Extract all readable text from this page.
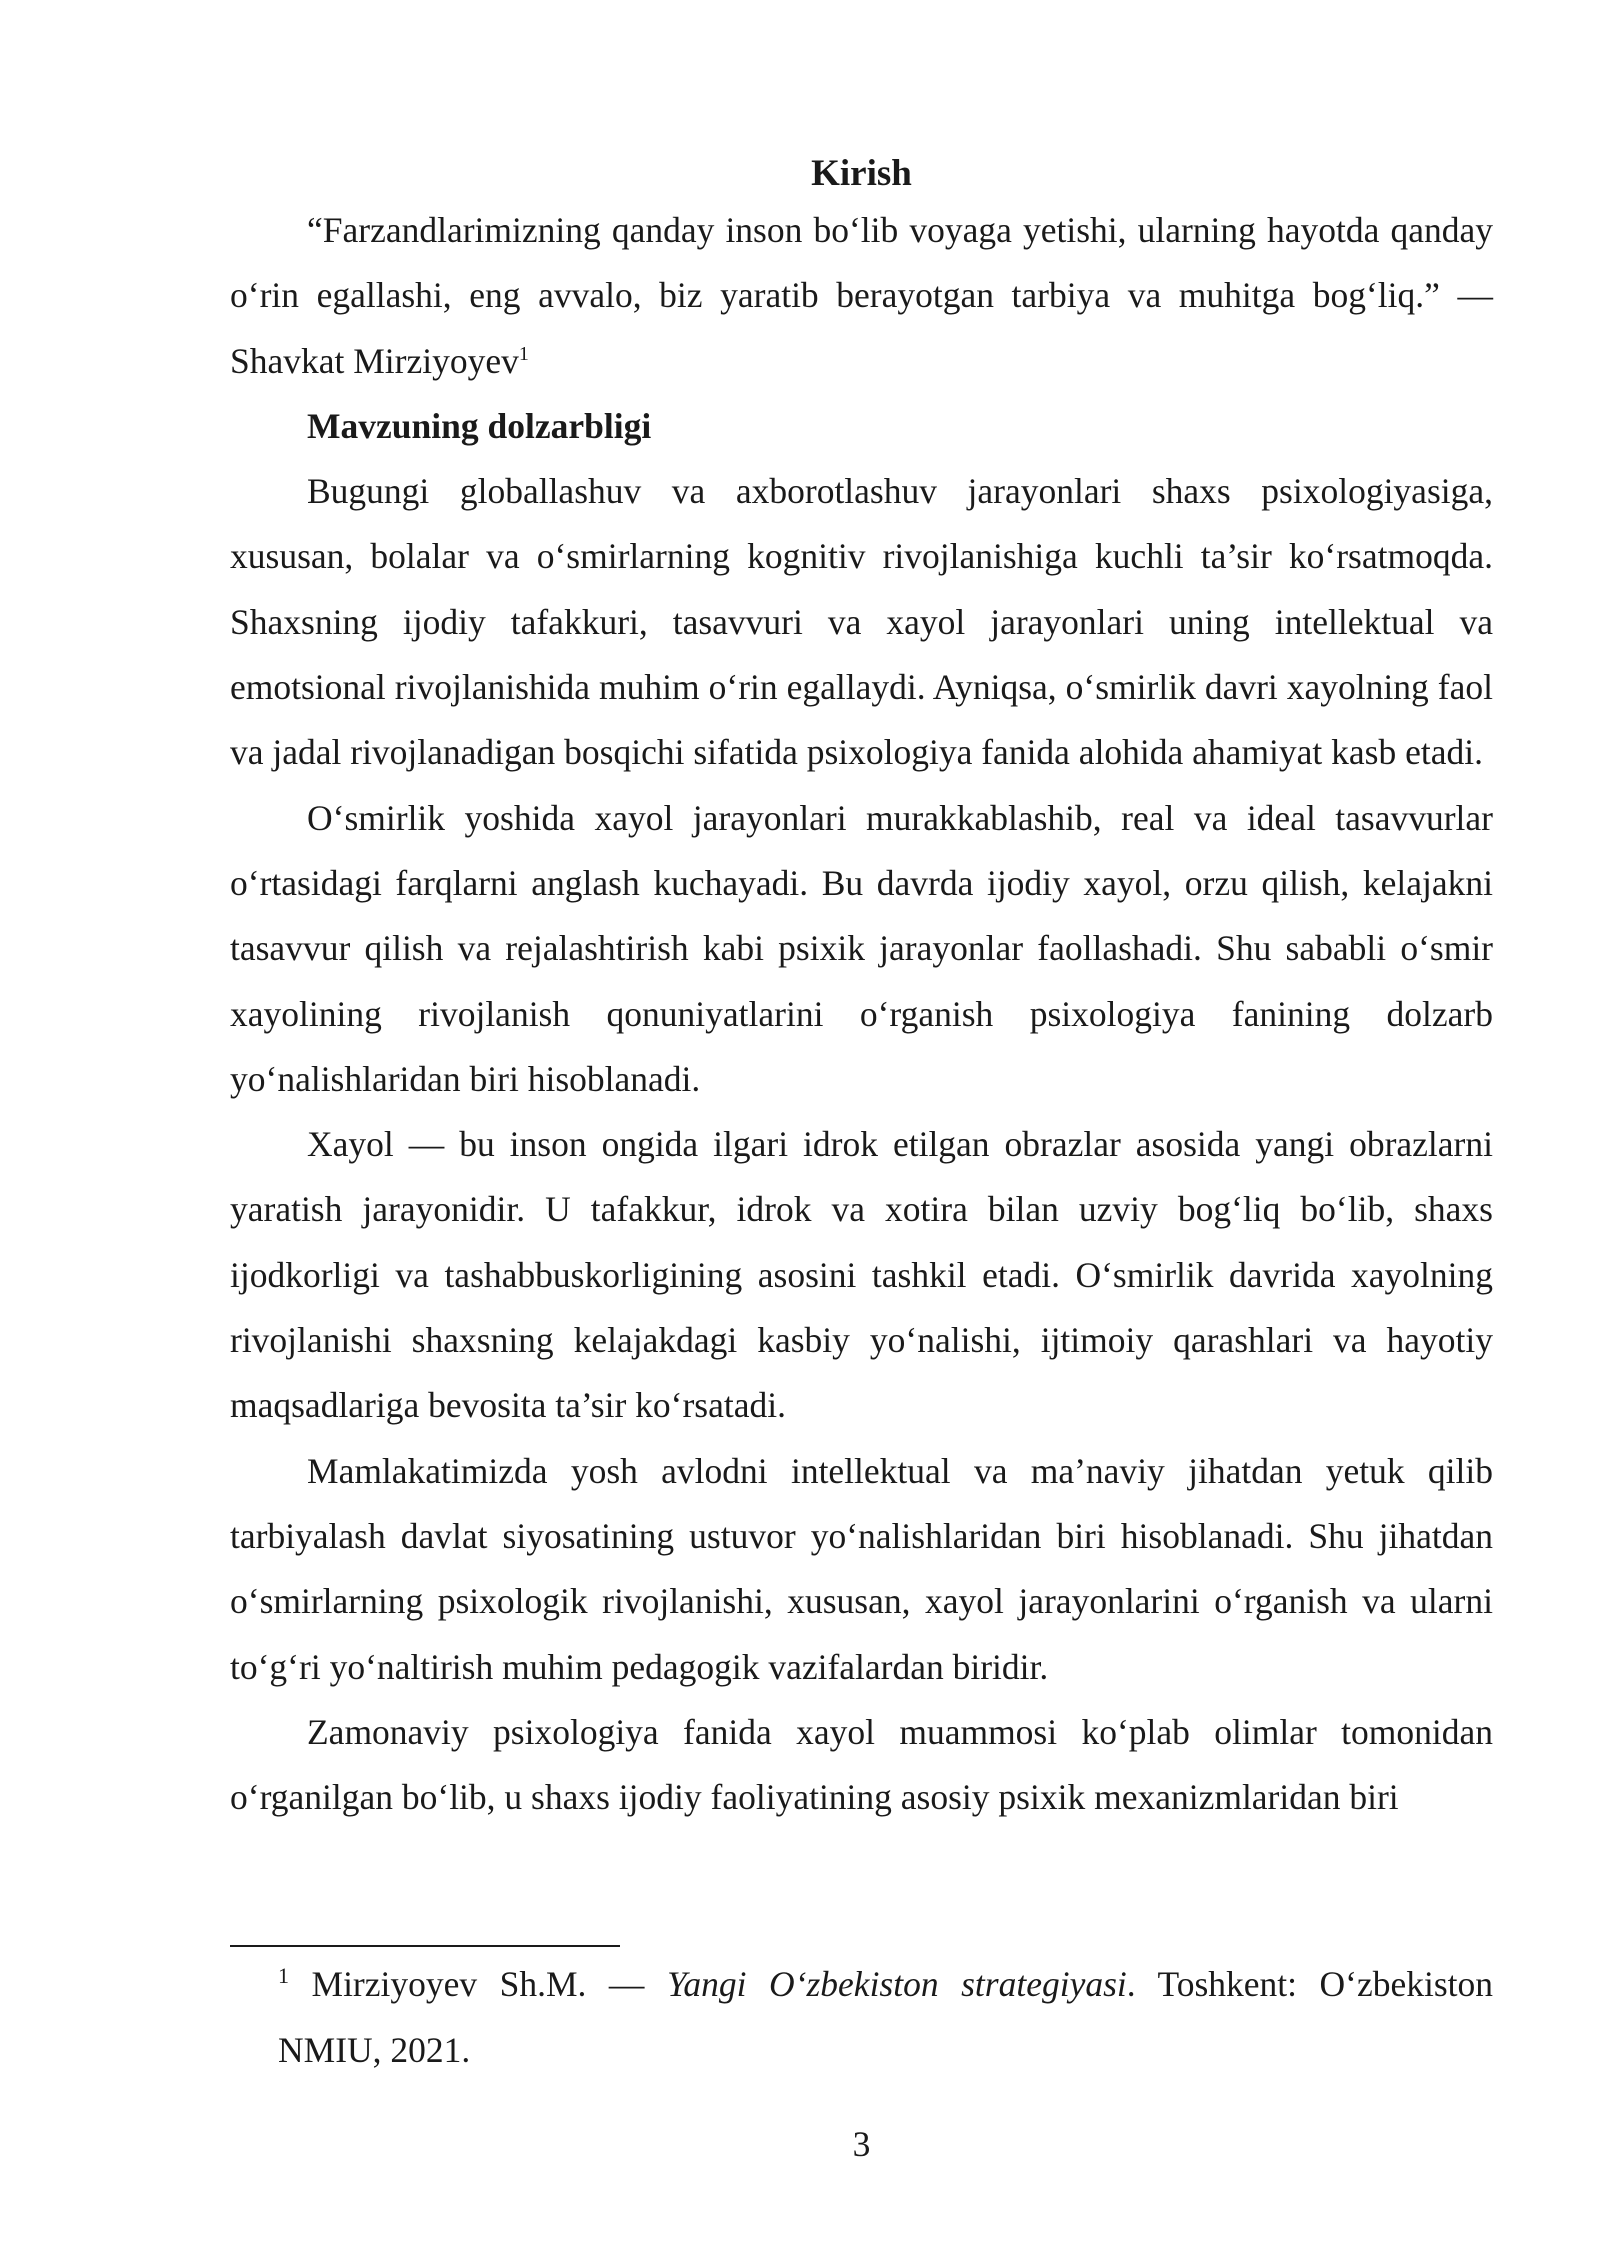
Kirish

“Farzandlarimizning qanday inson bo‘lib voyaga yetishi, ularning hayotda qanday o‘rin egallashi, eng avvalo, biz yaratib berayotgan tarbiya va muhitga bog‘liq.” — Shavkat Mirziyoyev$^1$

Mavzuning dolzarbligi

Bugungi globallashuv va axborotlashuv jarayonlari shaxs psixologiyasiga, xususan, bolalar va o‘smirlarning kognitiv rivojlanishiga kuchli ta’sir ko‘rsatmoqda. Shaxsning ijodiy tafakkuri, tasavvuri va xayol jarayonlari uning intellektual va emotsional rivojlanishida muhim o‘rin egallaydi. Ayniqsa, o‘smirlik davri xayolning faol va jadal rivojlanadigan bosqichi sifatida psixologiya fanida alohida ahamiyat kasb etadi.

O‘smirlik yoshida xayol jarayonlari murakkablashib, real va ideal tasavvurlar o‘rtasidagi farqlarni anglash kuchayadi. Bu davrda ijodiy xayol, orzu qilish, kelajakni tasavvur qilish va rejalashtirish kabi psixik jarayonlar faollashadi. Shu sababli o‘smir xayolining rivojlanish qonuniyatlarini o‘rganish psixologiya fanining dolzarb yo‘nalishlaridan biri hisoblanadi.

Xayol — bu inson ongida ilgari idrok etilgan obrazlar asosida yangi obrazlarni yaratish jarayonidir. U tafakkur, idrok va xotira bilan uzviy bog‘liq bo‘lib, shaxs ijodkorligi va tashabbuskorligining asosini tashkil etadi. O‘smirlik davrida xayolning rivojlanishi shaxsning kelajakdagi kasbiy yo‘nalishi, ijtimoiy qarashlari va hayotiy maqsadlariga bevosita ta’sir ko‘rsatadi.

Mamlakatimizda yosh avlodni intellektual va ma’naviy jihatdan yetuk qilib tarbiyalash davlat siyosatining ustuvor yo‘nalishlaridan biri hisoblanadi. Shu jihatdan o‘smirlarning psixologik rivojlanishi, xususan, xayol jarayonlarini o‘rganish va ularni to‘g‘ri yo‘naltirish muhim pedagogik vazifalardan biridir.

Zamonaviy psixologiya fanida xayol muammosi ko‘plab olimlar tomonidan o‘rganilgan bo‘lib, u shaxs ijodiy faoliyatining asosiy psixik mexanizmlaridan biri

$^1$ Mirziyoyev Sh.M. — Yangi O‘zbekiston strategiyasi. Toshkent: O‘zbekiston NMIU, 2021.

3
